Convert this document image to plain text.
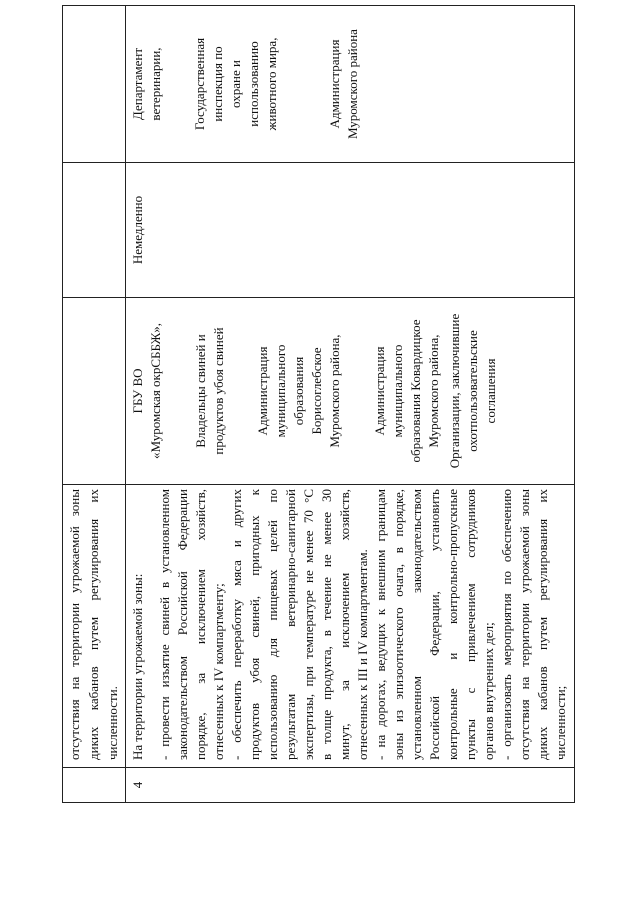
отсутствия на территории угрожаемой зоны диких кабанов путем регулирования их численности.
4
На территории угрожаемой зоны: - провести изъятие свиней в установленном законодательством Российской Федерации порядке, за исключением хозяйств, отнесенных к IV компартменту; - обеспечить переработку мяса и других продуктов убоя свиней, пригодных к использованию для пищевых целей по результатам ветеринарно-санитарной экспертизы, при температуре не менее 70 °C в толще продукта, в течение не менее 30 минут, за исключением хозяйств, отнесенных к III и IV компартментам. - на дорогах, ведущих к внешним границам зоны из эпизоотического очага, в порядке, установленном законодательством Российской Федерации, установить контрольные и контрольно-пропускные пункты с привлечением сотрудников органов внутренних дел; - организовать мероприятия по обеспечению отсутствия на территории угрожаемой зоны диких кабанов путем регулирования их численности;
ГБУ ВО «Муромская окрСББЖ», Владельцы свиней и продуктов убоя свиней Администрация муниципального образования Борисоглебское Муромского района, Администрация муниципального образования Ковардицкое Муромского района, Организации, заключившие охотпользовательские соглашения
Немедленно
Департамент ветеринарии, Государственная инспекция по охране и использованию животного мира,	Администрация Муромского района
